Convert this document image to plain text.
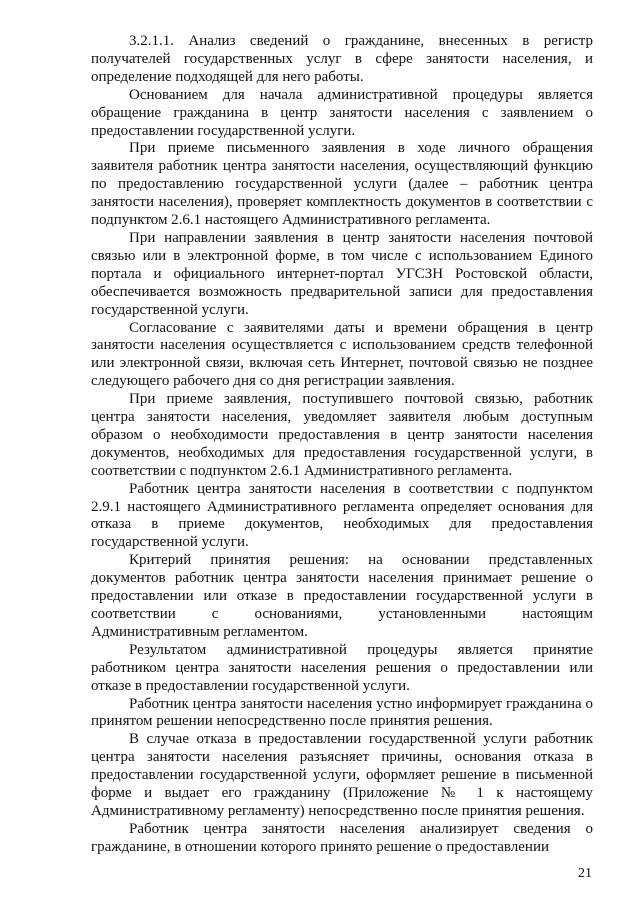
3.2.1.1. Анализ сведений о гражданине, внесенных в регистр получателей государственных услуг в сфере занятости населения, и определение подходящей для него работы.

Основанием для начала административной процедуры является обращение гражданина в центр занятости населения с заявлением о предоставлении государственной услуги.

При приеме письменного заявления в ходе личного обращения заявителя работник центра занятости населения, осуществляющий функцию по предоставлению государственной услуги (далее – работник центра занятости населения), проверяет комплектность документов в соответствии с подпунктом 2.6.1 настоящего Административного регламента.

При направлении заявления в центр занятости населения почтовой связью или в электронной форме, в том числе с использованием Единого портала и официального интернет-портал УГСЗН Ростовской области, обеспечивается возможность предварительной записи для предоставления государственной услуги.

Согласование с заявителями даты и времени обращения в центр занятости населения осуществляется с использованием средств телефонной или электронной связи, включая сеть Интернет, почтовой связью не позднее следующего рабочего дня со дня регистрации заявления.

При приеме заявления, поступившего почтовой связью, работник центра занятости населения, уведомляет заявителя любым доступным образом о необходимости предоставления в центр занятости населения документов, необходимых для предоставления государственной услуги, в соответствии с подпунктом 2.6.1 Административного регламента.

Работник центра занятости населения в соответствии с подпунктом 2.9.1 настоящего Административного регламента определяет основания для отказа в приеме документов, необходимых для предоставления государственной услуги.

Критерий принятия решения: на основании представленных документов работник центра занятости населения принимает решение о предоставлении или отказе в предоставлении государственной услуги в соответствии с основаниями, установленными настоящим Административным регламентом.

Результатом административной процедуры является принятие работником центра занятости населения решения о предоставлении или отказе в предоставлении государственной услуги.

Работник центра занятости населения устно информирует гражданина о принятом решении непосредственно после принятия решения.

В случае отказа в предоставлении государственной услуги работник центра занятости населения разъясняет причины, основания отказа в предоставлении государственной услуги, оформляет решение в письменной форме и выдает его гражданину (Приложение № 1 к настоящему Административному регламенту) непосредственно после принятия решения.

Работник центра занятости населения анализирует сведения о гражданине, в отношении которого принято решение о предоставлении

21
